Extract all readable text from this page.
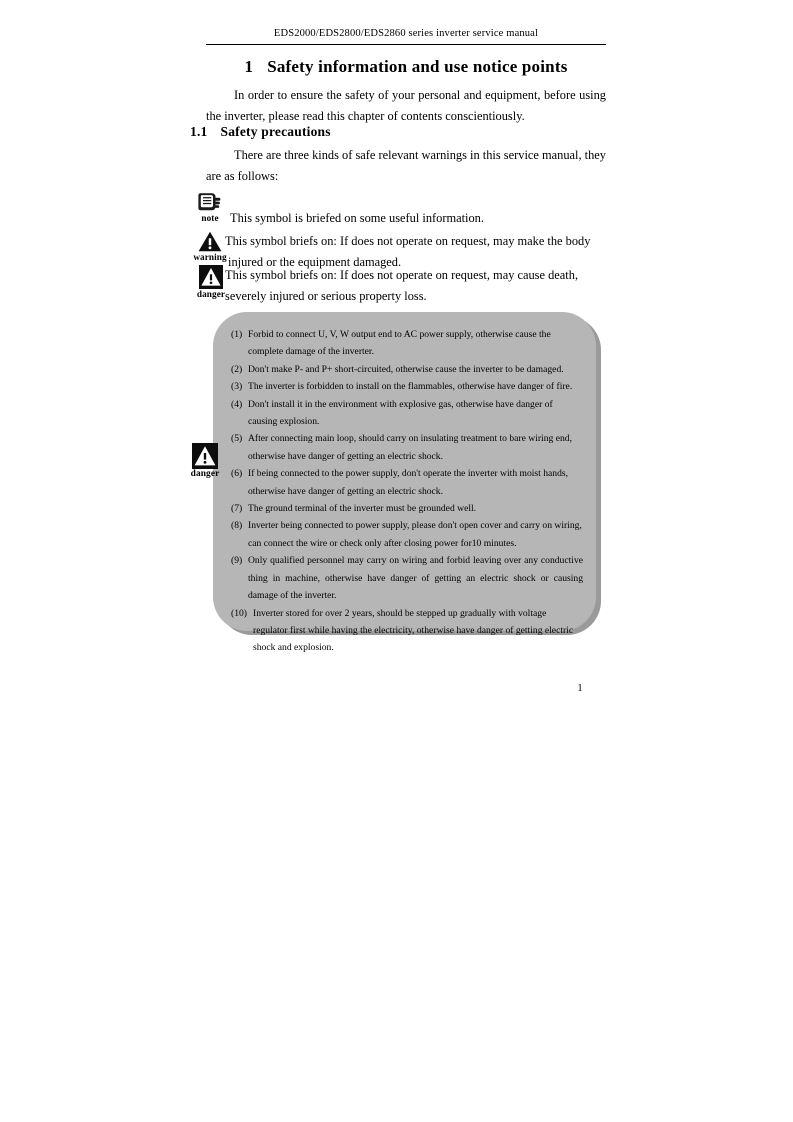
EDS2000/EDS2800/EDS2860 series inverter service manual
1 Safety information and use notice points
In order to ensure the safety of your personal and equipment, before using the inverter, please read this chapter of contents conscientiously.
1.1 Safety precautions
There are three kinds of safe relevant warnings in this service manual, they are as follows:
note This symbol is briefed on some useful information.
warning
This symbol briefs on: If does not operate on request, may make the body
injured or the equipment damaged.
danger
This symbol briefs on: If does not operate on request, may cause death,
severely injured or serious property loss.
(1) Forbid to connect U, V, W output end to AC power supply, otherwise cause the complete damage of the inverter.
(2) Don't make P- and P+ short-circuited, otherwise cause the inverter to be damaged.
(3) The inverter is forbidden to install on the flammables, otherwise have danger of fire.
(4) Don't install it in the environment with explosive gas, otherwise have danger of causing explosion.
(5) After connecting main loop, should carry on insulating treatment to bare wiring end, otherwise have danger of getting an electric shock.
(6) If being connected to the power supply, don't operate the inverter with moist hands, otherwise have danger of getting an electric shock.
(7) The ground terminal of the inverter must be grounded well.
(8) Inverter being connected to power supply, please don't open cover and carry on wiring, can connect the wire or check only after closing power for10 minutes.
(9) Only qualified personnel may carry on wiring and forbid leaving over any conductive thing in machine, otherwise have danger of getting an electric shock or causing damage of the inverter.
(10) Inverter stored for over 2 years, should be stepped up gradually with voltage regulator first while having the electricity, otherwise have danger of getting electric shock and explosion.
danger
1
